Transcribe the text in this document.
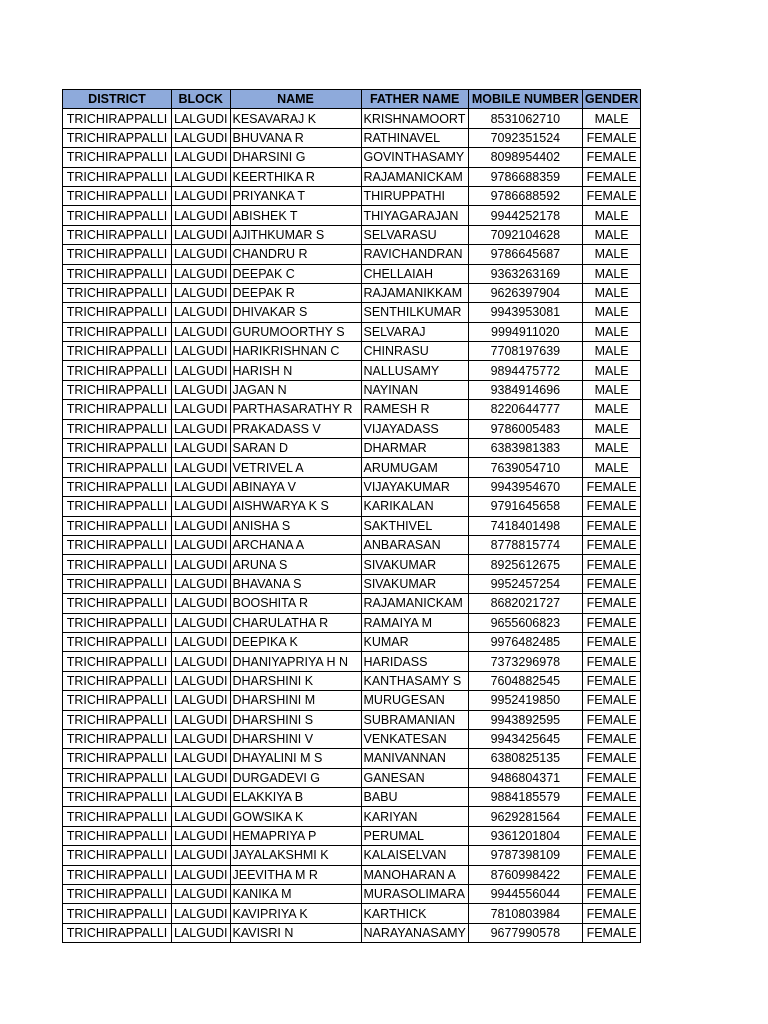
DISTRICT	BLOCK	NAME	FATHER NAME	MOBILE NUMBER	GENDER
TRICHIRAPPALLI	LALGUDI	KESAVARAJ K	KRISHNAMOORT	8531062710	MALE
TRICHIRAPPALLI	LALGUDI	BHUVANA R	RATHINAVEL	7092351524	FEMALE
TRICHIRAPPALLI	LALGUDI	DHARSINI G	GOVINTHASAMY	8098954402	FEMALE
TRICHIRAPPALLI	LALGUDI	KEERTHIKA R	RAJAMANICKAM	9786688359	FEMALE
TRICHIRAPPALLI	LALGUDI	PRIYANKA T	THIRUPPATHI	9786688592	FEMALE
TRICHIRAPPALLI	LALGUDI	ABISHEK T	THIYAGARAJAN	9944252178	MALE
TRICHIRAPPALLI	LALGUDI	AJITHKUMAR S	SELVARASU	7092104628	MALE
TRICHIRAPPALLI	LALGUDI	CHANDRU R	RAVICHANDRAN	9786645687	MALE
TRICHIRAPPALLI	LALGUDI	DEEPAK C	CHELLAIAH	9363263169	MALE
TRICHIRAPPALLI	LALGUDI	DEEPAK R	RAJAMANIKKAM	9626397904	MALE
TRICHIRAPPALLI	LALGUDI	DHIVAKAR S	SENTHILKUMAR	9943953081	MALE
TRICHIRAPPALLI	LALGUDI	GURUMOORTHY S	SELVARAJ	9994911020	MALE
TRICHIRAPPALLI	LALGUDI	HARIKRISHNAN C	CHINRASU	7708197639	MALE
TRICHIRAPPALLI	LALGUDI	HARISH N	NALLUSAMY	9894475772	MALE
TRICHIRAPPALLI	LALGUDI	JAGAN N	NAYINAN	9384914696	MALE
TRICHIRAPPALLI	LALGUDI	PARTHASARATHY R	RAMESH R	8220644777	MALE
TRICHIRAPPALLI	LALGUDI	PRAKADASS V	VIJAYADASS	9786005483	MALE
TRICHIRAPPALLI	LALGUDI	SARAN D	DHARMAR	6383981383	MALE
TRICHIRAPPALLI	LALGUDI	VETRIVEL A	ARUMUGAM	7639054710	MALE
TRICHIRAPPALLI	LALGUDI	ABINAYA V	VIJAYAKUMAR	9943954670	FEMALE
TRICHIRAPPALLI	LALGUDI	AISHWARYA K S	KARIKALAN	9791645658	FEMALE
TRICHIRAPPALLI	LALGUDI	ANISHA S	SAKTHIVEL	7418401498	FEMALE
TRICHIRAPPALLI	LALGUDI	ARCHANA A	ANBARASAN	8778815774	FEMALE
TRICHIRAPPALLI	LALGUDI	ARUNA S	SIVAKUMAR	8925612675	FEMALE
TRICHIRAPPALLI	LALGUDI	BHAVANA S	SIVAKUMAR	9952457254	FEMALE
TRICHIRAPPALLI	LALGUDI	BOOSHITA R	RAJAMANICKAM	8682021727	FEMALE
TRICHIRAPPALLI	LALGUDI	CHARULATHA R	RAMAIYA M	9655606823	FEMALE
TRICHIRAPPALLI	LALGUDI	DEEPIKA K	KUMAR	9976482485	FEMALE
TRICHIRAPPALLI	LALGUDI	DHANIYAPRIYA H N	HARIDASS	7373296978	FEMALE
TRICHIRAPPALLI	LALGUDI	DHARSHINI K	KANTHASAMY S	7604882545	FEMALE
TRICHIRAPPALLI	LALGUDI	DHARSHINI M	MURUGESAN	9952419850	FEMALE
TRICHIRAPPALLI	LALGUDI	DHARSHINI S	SUBRAMANIAN	9943892595	FEMALE
TRICHIRAPPALLI	LALGUDI	DHARSHINI V	VENKATESAN	9943425645	FEMALE
TRICHIRAPPALLI	LALGUDI	DHAYALINI M S	MANIVANNAN	6380825135	FEMALE
TRICHIRAPPALLI	LALGUDI	DURGADEVI G	GANESAN	9486804371	FEMALE
TRICHIRAPPALLI	LALGUDI	ELAKKIYA B	BABU	9884185579	FEMALE
TRICHIRAPPALLI	LALGUDI	GOWSIKA K	KARIYAN	9629281564	FEMALE
TRICHIRAPPALLI	LALGUDI	HEMAPRIYA P	PERUMAL	9361201804	FEMALE
TRICHIRAPPALLI	LALGUDI	JAYALAKSHMI K	KALAISELVAN	9787398109	FEMALE
TRICHIRAPPALLI	LALGUDI	JEEVITHA M R	MANOHARAN A	8760998422	FEMALE
TRICHIRAPPALLI	LALGUDI	KANIKA M	MURASOLIMARA	9944556044	FEMALE
TRICHIRAPPALLI	LALGUDI	KAVIPRIYA K	KARTHICK	7810803984	FEMALE
TRICHIRAPPALLI	LALGUDI	KAVISRI N	NARAYANASAMY	9677990578	FEMALE
